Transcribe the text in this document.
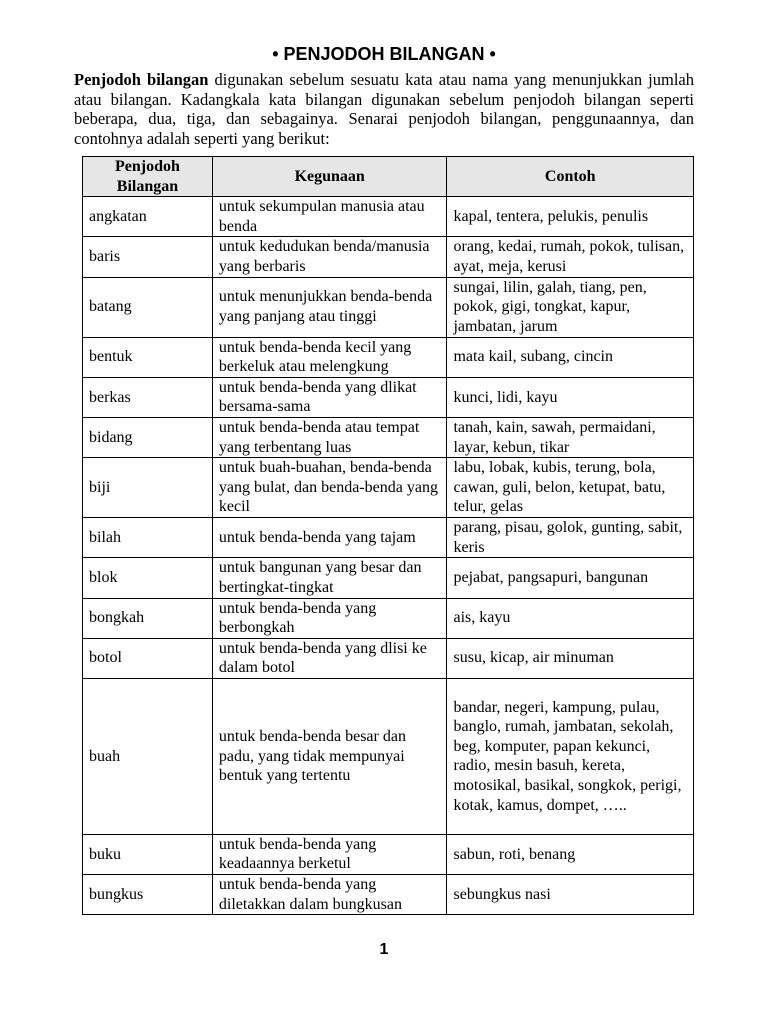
• PENJODOH BILANGAN •

Penjodoh bilangan digunakan sebelum sesuatu kata atau nama yang menunjukkan jumlah atau bilangan. Kadangkala kata bilangan digunakan sebelum penjodoh bilangan seperti beberapa, dua, tiga, dan sebagainya. Senarai penjodoh bilangan, penggunaannya, dan contohnya adalah seperti yang berikut:

Penjodoh Bilangan	Kegunaan	Contoh
angkatan	untuk sekumpulan manusia atau benda	kapal, tentera, pelukis, penulis
baris	untuk kedudukan benda/manusia yang berbaris	orang, kedai, rumah, pokok, tulisan, ayat, meja, kerusi
batang	untuk menunjukkan benda-benda yang panjang atau tinggi	sungai, lilin, galah, tiang, pen, pokok, gigi, tongkat, kapur, jambatan, jarum
bentuk	untuk benda-benda kecil yang berkeluk atau melengkung	mata kail, subang, cincin
berkas	untuk benda-benda yang dlikat bersama-sama	kunci, lidi, kayu
bidang	untuk benda-benda atau tempat yang terbentang luas	tanah, kain, sawah, permaidani, layar, kebun, tikar
biji	untuk buah-buahan, benda-benda yang bulat, dan benda-benda yang kecil	labu, lobak, kubis, terung, bola, cawan, guli, belon, ketupat, batu, telur, gelas
bilah	untuk benda-benda yang tajam	parang, pisau, golok, gunting, sabit, keris
blok	untuk bangunan yang besar dan bertingkat-tingkat	pejabat, pangsapuri, bangunan
bongkah	untuk benda-benda yang berbongkah	ais, kayu
botol	untuk benda-benda yang dlisi ke dalam botol	susu, kicap, air minuman
buah	untuk benda-benda besar dan padu, yang tidak mempunyai bentuk yang tertentu	bandar, negeri, kampung, pulau, banglo, rumah, jambatan, sekolah, beg, komputer, papan kekunci, radio, mesin basuh, kereta, motosikal, basikal, songkok, perigi, kotak, kamus, dompet, …..
buku	untuk benda-benda yang keadaannya berketul	sabun, roti, benang
bungkus	untuk benda-benda yang diletakkan dalam bungkusan	sebungkus nasi
1
